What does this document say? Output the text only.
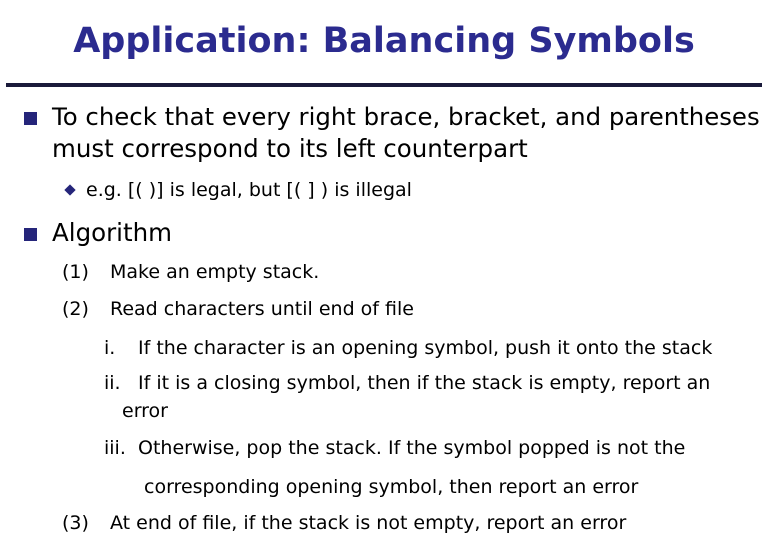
Application: Balancing Symbols
To check that every right brace, bracket, and parentheses
must correspond to its left counterpart
e.g. [( )] is legal, but [( ] ) is illegal
Algorithm
(1) Make an empty stack.
(2) Read characters until end of file
i. If the character is an opening symbol, push it onto the stack
ii. If it is a closing symbol, then if the stack is empty, report an
error
iii. Otherwise, pop the stack. If the symbol popped is not the
corresponding opening symbol, then report an error
(3) At end of file, if the stack is not empty, report an error
